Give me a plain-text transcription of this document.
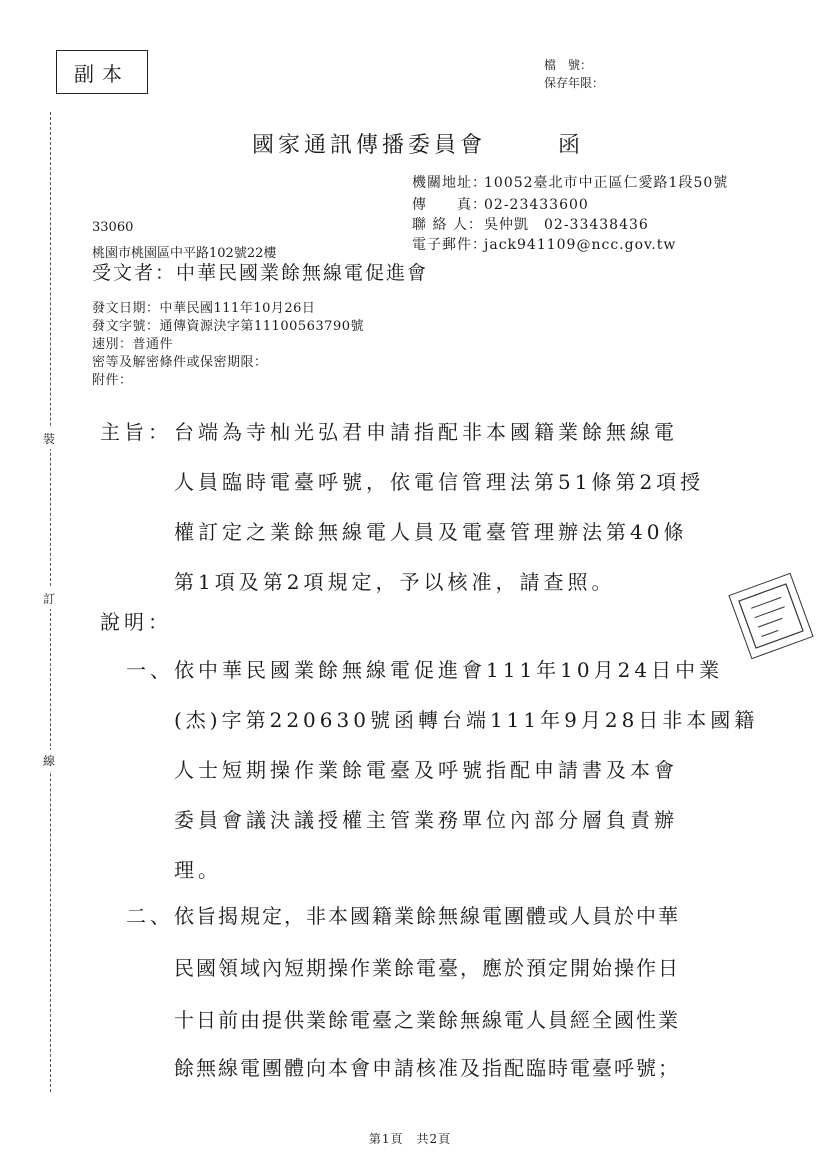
副本	檔　號：
保存年限：
裝
訂
線
國家通訊傳播委員會	函
機關地址：10052臺北市中正區仁愛路1段50號
傳　　真：02-23433600
聯 絡 人：吳仲凱　02-33438436
電子郵件：jack941109@ncc.gov.tw
33060
桃園市桃園區中平路102號22樓
受文者：中華民國業餘無線電促進會
發文日期：中華民國111年10月26日
發文字號：通傳資源決字第11100563790號
速別：普通件
密等及解密條件或保密期限：
附件：
主旨： 台端為寺杣光弘君申請指配非本國籍業餘無線電
人員臨時電臺呼號，依電信管理法第51條第2項授
權訂定之業餘無線電人員及電臺管理辦法第40條
第1項及第2項規定，予以核准，請查照。
說明：
一、 依中華民國業餘無線電促進會111年10月24日中業
(杰)字第220630號函轉台端111年9月28日非本國籍
人士短期操作業餘電臺及呼號指配申請書及本會
委員會議決議授權主管業務單位內部分層負責辦
理。
二、 依旨揭規定，非本國籍業餘無線電團體或人員於中華
民國領域內短期操作業餘電臺，應於預定開始操作日
十日前由提供業餘電臺之業餘無線電人員經全國性業
餘無線電團體向本會申請核准及指配臨時電臺呼號；
第1頁　共2頁
